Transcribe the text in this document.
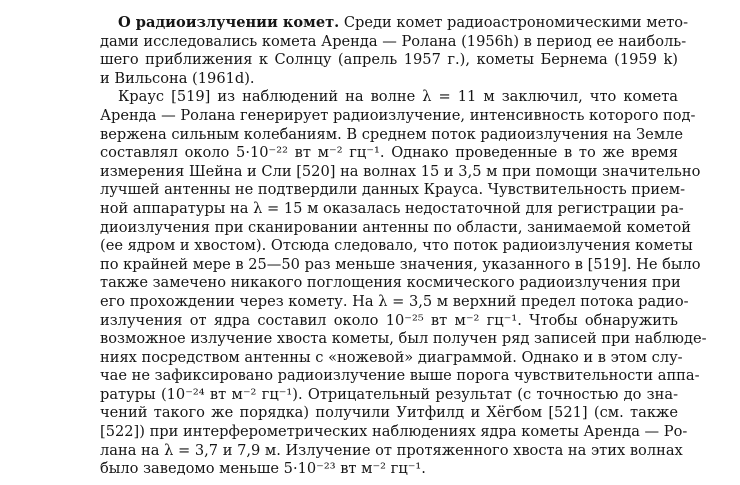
О радиоизлучении комет. Среди комет радиоастрономическими мето-
дами исследовались комета Аренда — Ролана (1956h) в период ее наиболь-
шего приближения к Солнцу (апрель 1957 г.), кометы Бернема (1959 k)
и Вильсона (1961d).
Краус [519] из наблюдений на волне λ = 11 м заключил, что комета
Аренда — Ролана генерирует радиоизлучение, интенсивность которого под-
вержена сильным колебаниям. В среднем поток радиоизлучения на Земле
составлял около 5·10⁻²² вт м⁻² гц⁻¹. Однако проведенные в то же время
измерения Шейна и Сли [520] на волнах 15 и 3,5 м при помощи значительно
лучшей антенны не подтвердили данных Крауса. Чувствительность прием-
ной аппаратуры на λ = 15 м оказалась недостаточной для регистрации ра-
диоизлучения при сканировании антенны по области, занимаемой кометой
(ее ядром и хвостом). Отсюда следовало, что поток радиоизлучения кометы
по крайней мере в 25—50 раз меньше значения, указанного в [519]. Не было
также замечено никакого поглощения космического радиоизлучения при
его прохождении через комету. На λ = 3,5 м верхний предел потока радио-
излучения от ядра составил около 10⁻²⁵ вт м⁻² гц⁻¹. Чтобы обнаружить
возможное излучение хвоста кометы, был получен ряд записей при наблюде-
ниях посредством антенны с «ножевой» диаграммой. Однако и в этом слу-
чае не зафиксировано радиоизлучение выше порога чувствительности аппа-
ратуры (10⁻²⁴ вт м⁻² гц⁻¹). Отрицательный результат (с точностью до зна-
чений такого же порядка) получили Уитфилд и Хёгбом [521] (см. также
[522]) при интерферометрических наблюдениях ядра кометы Аренда — Ро-
лана на λ = 3,7 и 7,9 м. Излучение от протяженного хвоста на этих волнах
было заведомо меньше 5·10⁻²³ вт м⁻² гц⁻¹.
